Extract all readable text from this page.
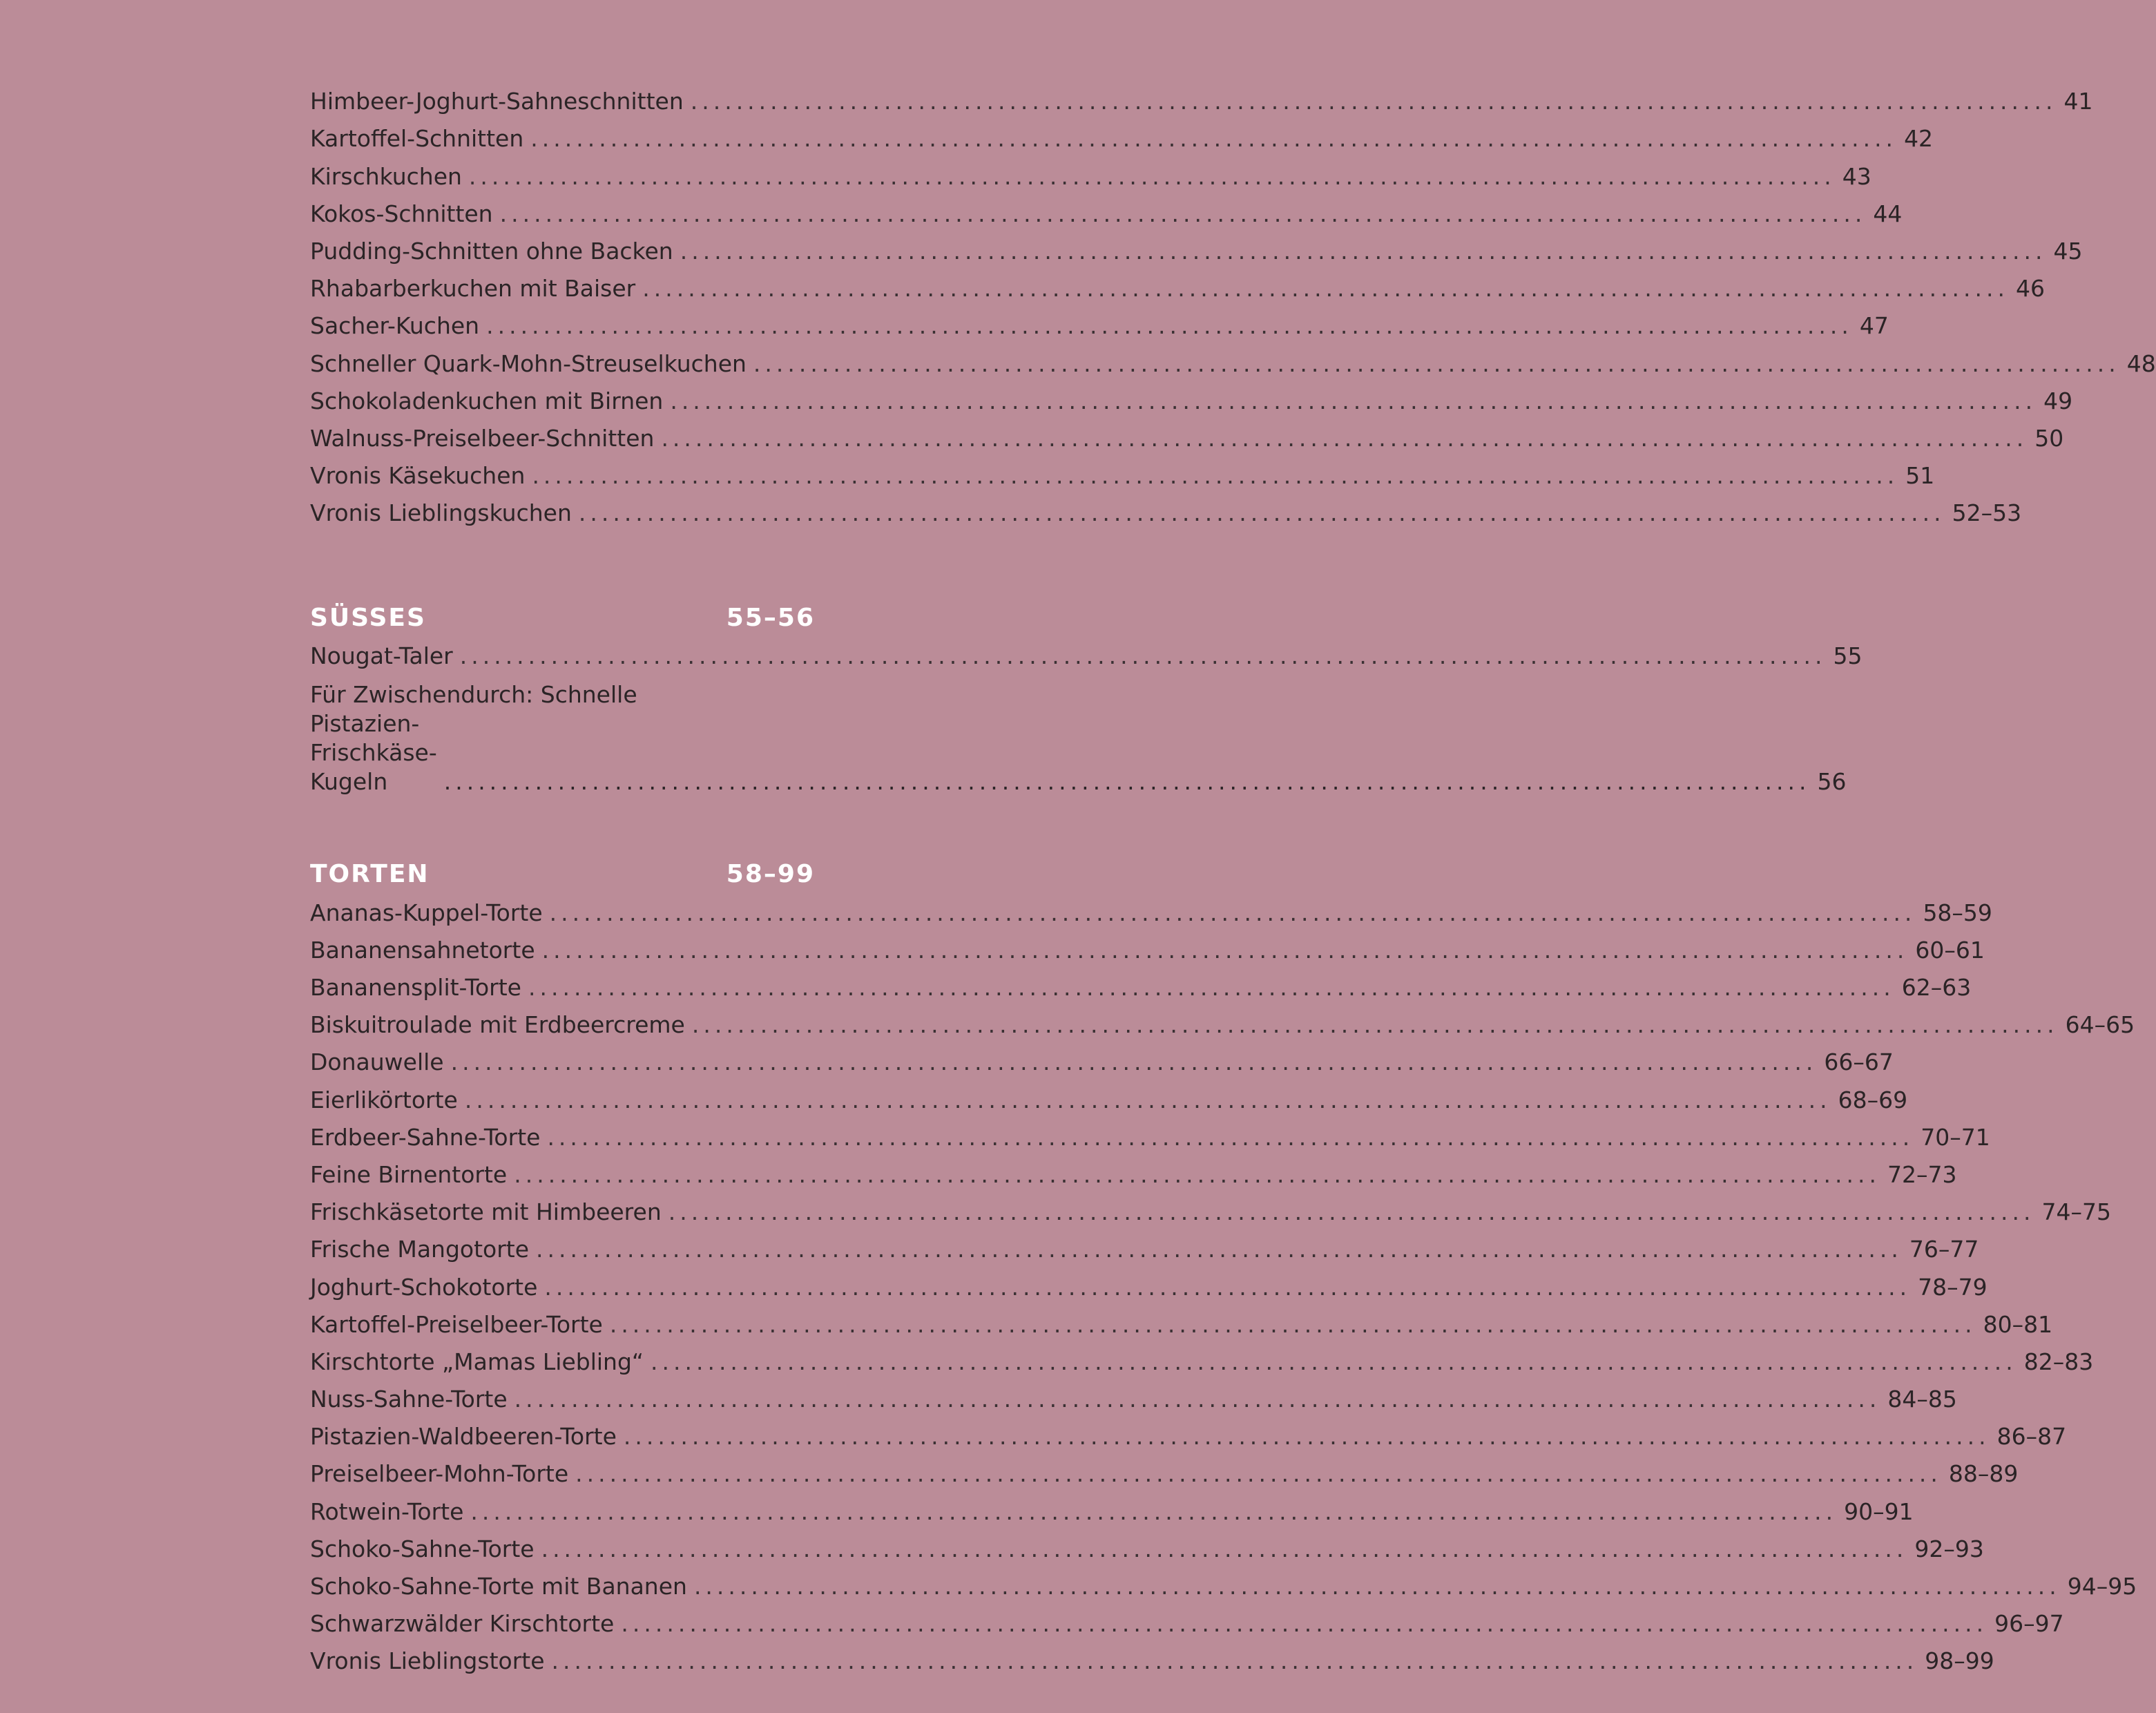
Himbeer-Joghurt-Sahneschnitten ........................................................................................................................ 41
Kartoffel-Schnitten ........................................................................................................................ 42
Kirschkuchen ........................................................................................................................ 43
Kokos-Schnitten ........................................................................................................................ 44
Pudding-Schnitten ohne Backen ........................................................................................................................ 45
Rhabarberkuchen mit Baiser ........................................................................................................................ 46
Sacher-Kuchen ........................................................................................................................ 47
Schneller Quark-Mohn-Streuselkuchen ........................................................................................................................ 48
Schokoladenkuchen mit Birnen ........................................................................................................................ 49
Walnuss-Preiselbeer-Schnitten ........................................................................................................................ 50
Vronis Käsekuchen ........................................................................................................................ 51
Vronis Lieblingskuchen ........................................................................................................................ 52–53
SÜSSES	55–56
Nougat-Taler ........................................................................................................................ 55
Für Zwischendurch: Schnelle
Pistazien-Frischkäse-Kugeln	........................................................................................................................ 56
TORTEN	58–99
Ananas-Kuppel-Torte ........................................................................................................................ 58–59
Bananensahnetorte ........................................................................................................................ 60–61
Bananensplit-Torte ........................................................................................................................ 62–63
Biskuitroulade mit Erdbeercreme ........................................................................................................................ 64–65
Donauwelle ........................................................................................................................ 66–67
Eierlikörtorte ........................................................................................................................ 68–69
Erdbeer-Sahne-Torte ........................................................................................................................ 70–71
Feine Birnentorte ........................................................................................................................ 72–73
Frischkäsetorte mit Himbeeren ........................................................................................................................ 74–75
Frische Mangotorte ........................................................................................................................ 76–77
Joghurt-Schokotorte ........................................................................................................................ 78–79
Kartoffel-Preiselbeer-Torte ........................................................................................................................ 80–81
Kirschtorte „Mamas Liebling“ ........................................................................................................................ 82–83
Nuss-Sahne-Torte ........................................................................................................................ 84–85
Pistazien-Waldbeeren-Torte ........................................................................................................................ 86–87
Preiselbeer-Mohn-Torte ........................................................................................................................ 88–89
Rotwein-Torte ........................................................................................................................ 90–91
Schoko-Sahne-Torte ........................................................................................................................ 92–93
Schoko-Sahne-Torte mit Bananen ........................................................................................................................ 94–95
Schwarzwälder Kirschtorte ........................................................................................................................ 96–97
Vronis Lieblingstorte ........................................................................................................................ 98–99
